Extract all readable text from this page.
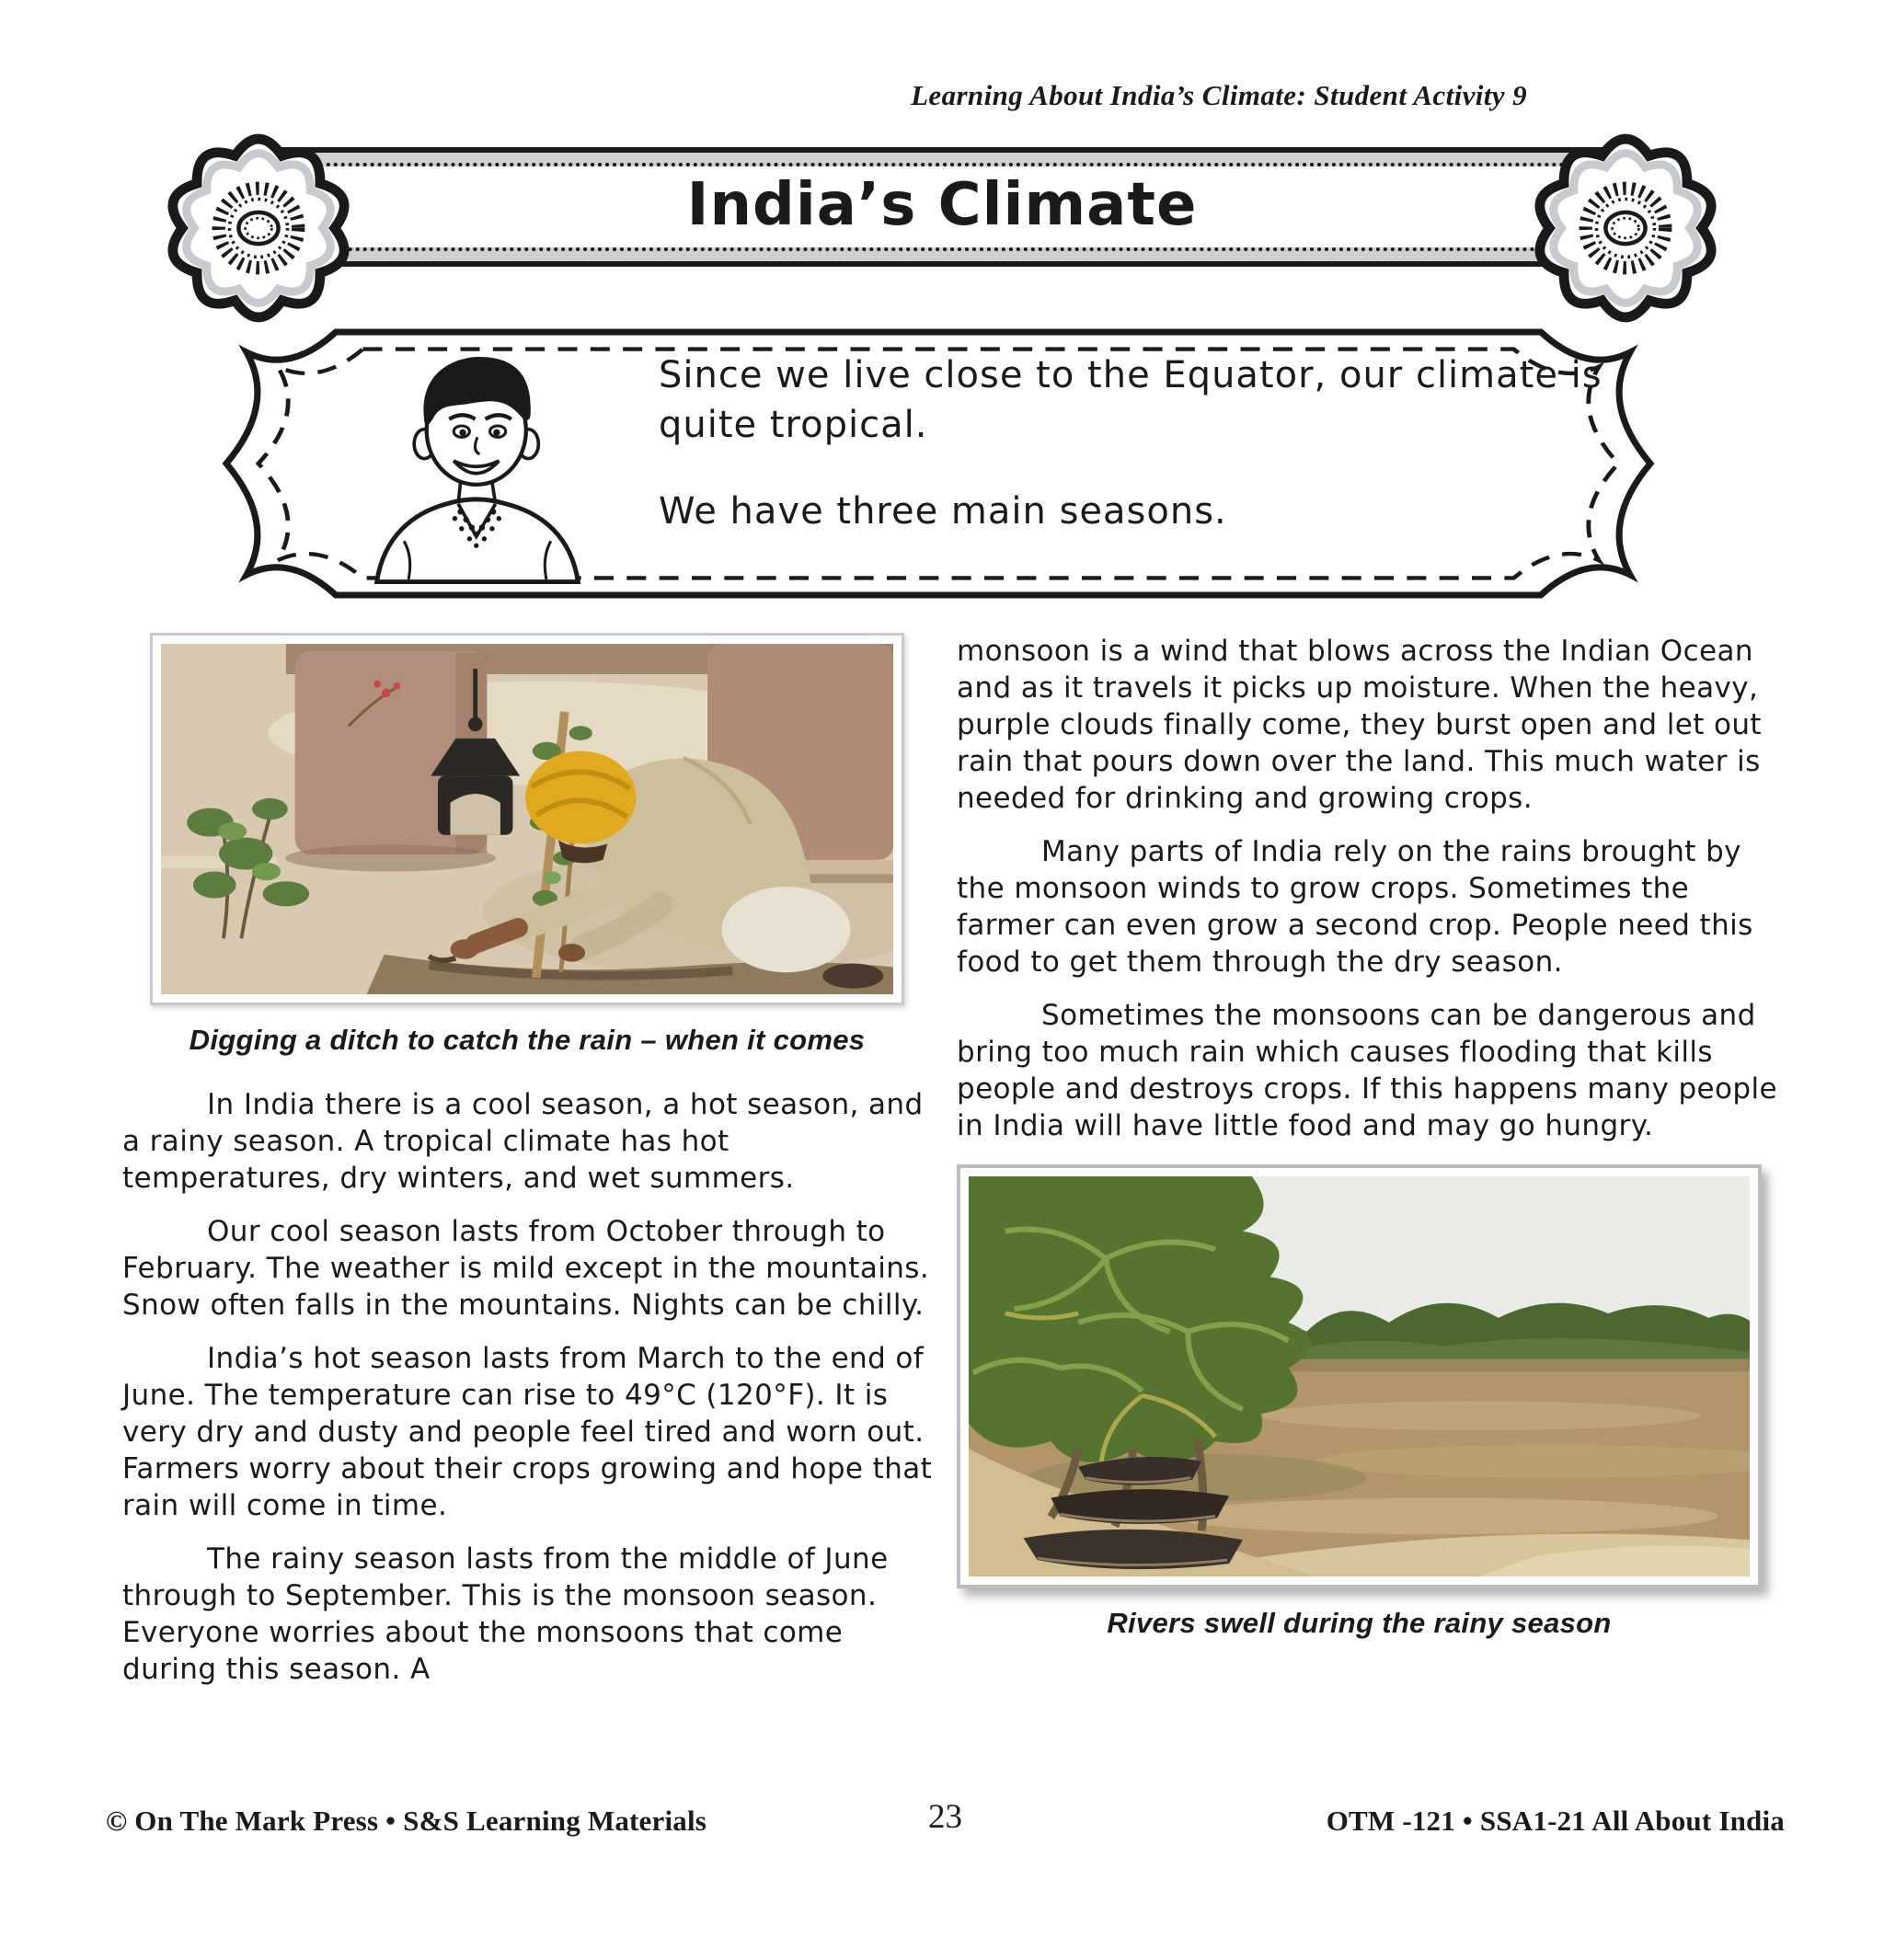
Learning About India’s Climate: Student Activity 9
India’s Climate

Since we live close to the Equator, our climate is quite tropical.

We have three main seasons.

Digging a ditch to catch the rain – when it comes

In India there is a cool season, a hot season, and a rainy season. A tropical climate has hot temperatures, dry winters, and wet summers.

Our cool season lasts from October through to February. The weather is mild except in the mountains. Snow often falls in the mountains. Nights can be chilly.

India’s hot season lasts from March to the end of June. The temperature can rise to 49°C (120°F). It is very dry and dusty and people feel tired and worn out. Farmers worry about their crops growing and hope that rain will come in time.

The rainy season lasts from the middle of June through to September. This is the monsoon season. Everyone worries about the monsoons that come during this season. A

monsoon is a wind that blows across the Indian Ocean and as it travels it picks up moisture. When the heavy, purple clouds finally come, they burst open and let out rain that pours down over the land. This much water is needed for drinking and growing crops.

Many parts of India rely on the rains brought by the monsoon winds to grow crops. Sometimes the farmer can even grow a second crop. People need this food to get them through the dry season.

Sometimes the monsoons can be dangerous and bring too much rain which causes flooding that kills people and destroys crops. If this happens many people in India will have little food and may go hungry.

Rivers swell during the rainy season
© On The Mark Press • S&S Learning Materials	23	OTM -121 • SSA1-21 All About India
